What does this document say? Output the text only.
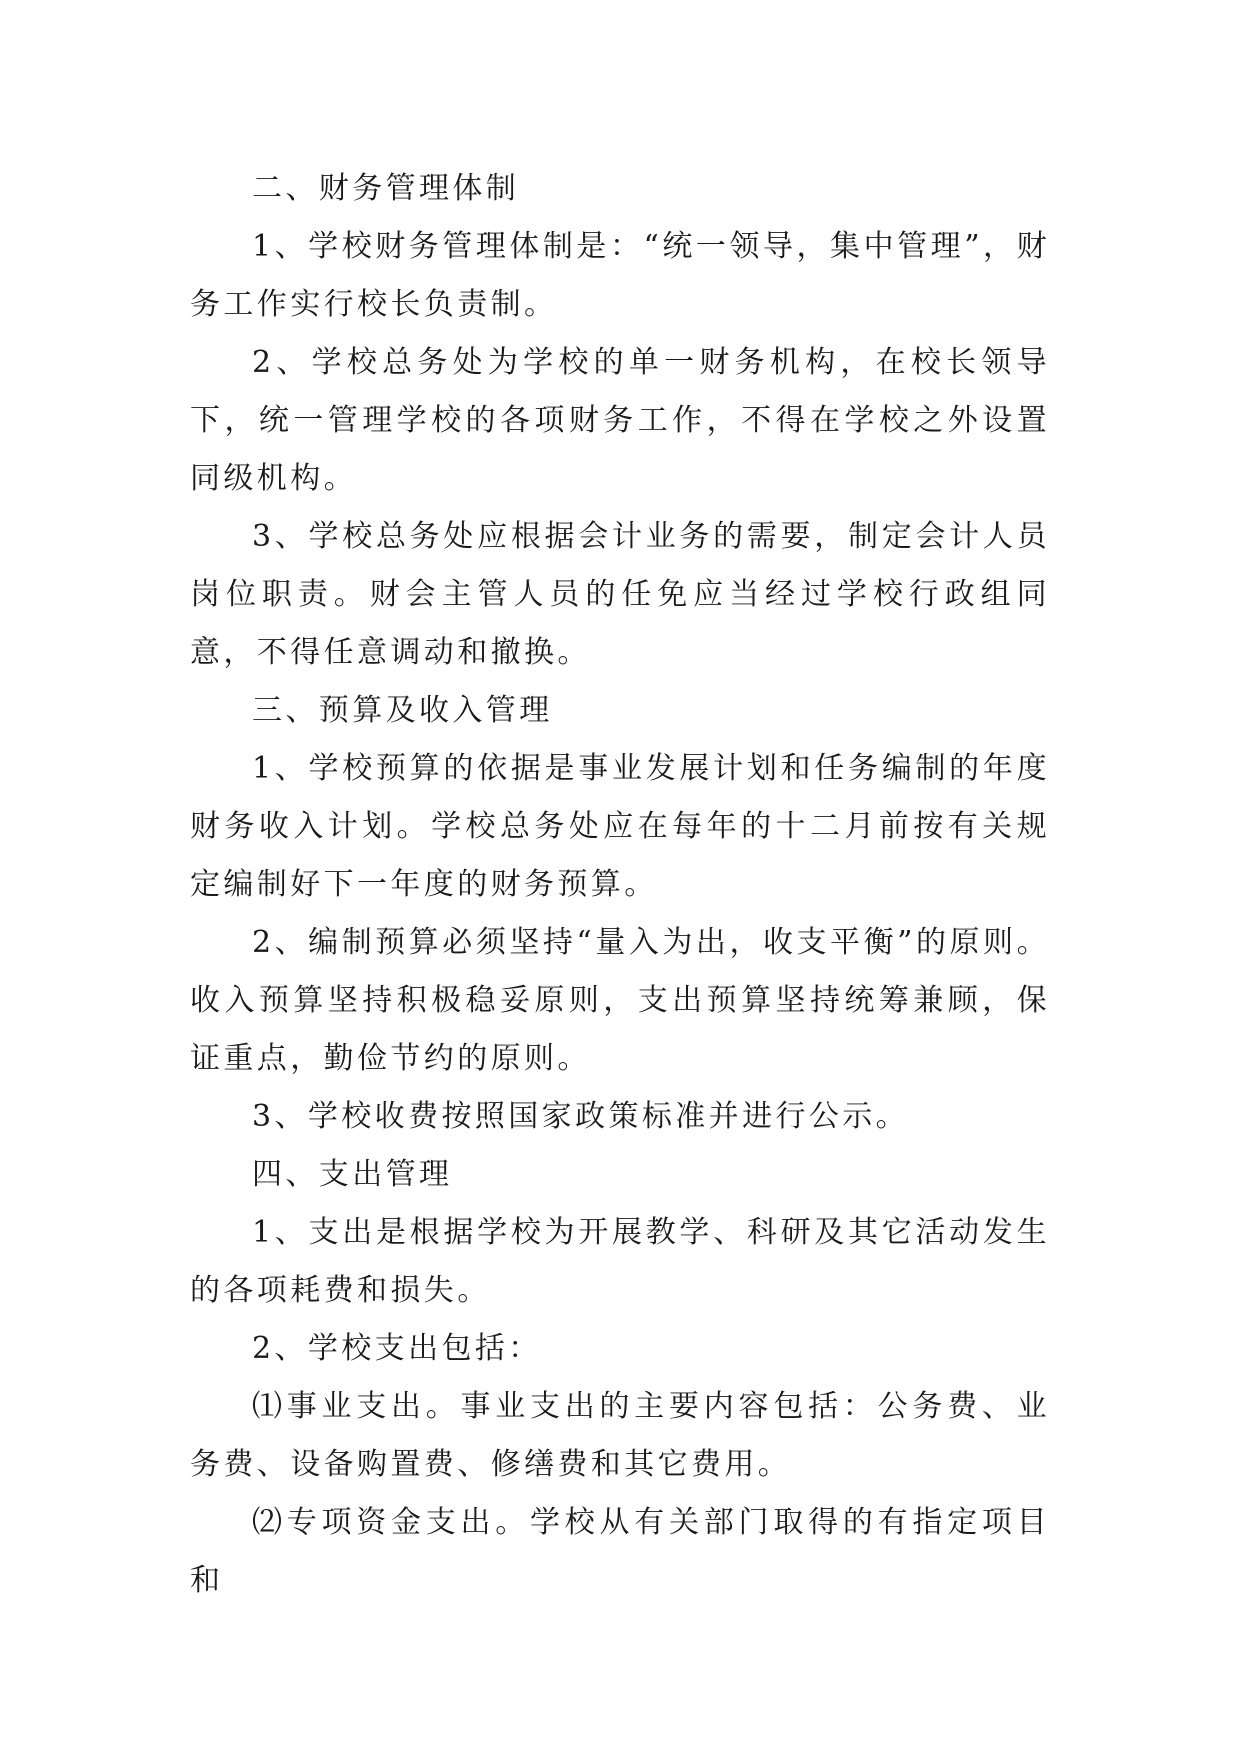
二、财务管理体制

1、学校财务管理体制是：“统一领导，集中管理”，财务工作实行校长负责制。

2、学校总务处为学校的单一财务机构，在校长领导下，统一管理学校的各项财务工作，不得在学校之外设置同级机构。

3、学校总务处应根据会计业务的需要，制定会计人员岗位职责。财会主管人员的任免应当经过学校行政组同意，不得任意调动和撤换。

三、预算及收入管理

1、学校预算的依据是事业发展计划和任务编制的年度财务收入计划。学校总务处应在每年的十二月前按有关规定编制好下一年度的财务预算。

2、编制预算必须坚持“量入为出，收支平衡”的原则。收入预算坚持积极稳妥原则，支出预算坚持统筹兼顾，保证重点，勤俭节约的原则。

3、学校收费按照国家政策标准并进行公示。

四、支出管理

1、支出是根据学校为开展教学、科研及其它活动发生的各项耗费和损失。

2、学校支出包括：

⑴事业支出。事业支出的主要内容包括：公务费、业务费、设备购置费、修缮费和其它费用。

⑵专项资金支出。学校从有关部门取得的有指定项目和
